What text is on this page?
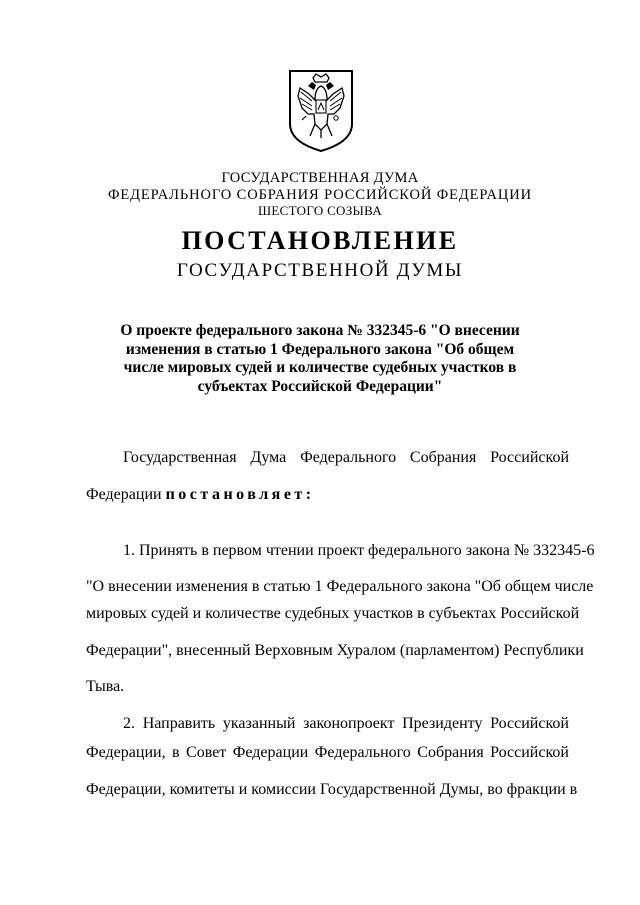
ГОСУДАРСТВЕННАЯ ДУМА
ФЕДЕРАЛЬНОГО СОБРАНИЯ РОССИЙСКОЙ ФЕДЕРАЦИИ
ШЕСТОГО СОЗЫВА
ПОСТАНОВЛЕНИЕ
ГОСУДАРСТВЕННОЙ ДУМЫ
О проекте федерального закона № 332345-6 "О внесении
изменения в статью 1 Федерального закона "Об общем
числе мировых судей и количестве судебных участков в
субъектах Российской Федерации"
Государственная Дума Федерального Собрания Российской
Федерации постановляет:
1. Принять в первом чтении проект федерального закона № 332345-6
"О внесении изменения в статью 1 Федерального закона "Об общем числе
мировых судей и количестве судебных участков в субъектах Российской
Федерации", внесенный Верховным Хуралом (парламентом) Республики
Тыва.
2. Направить указанный законопроект Президенту Российской
Федерации, в Совет Федерации Федерального Собрания Российской
Федерации, комитеты и комиссии Государственной Думы, во фракции в
